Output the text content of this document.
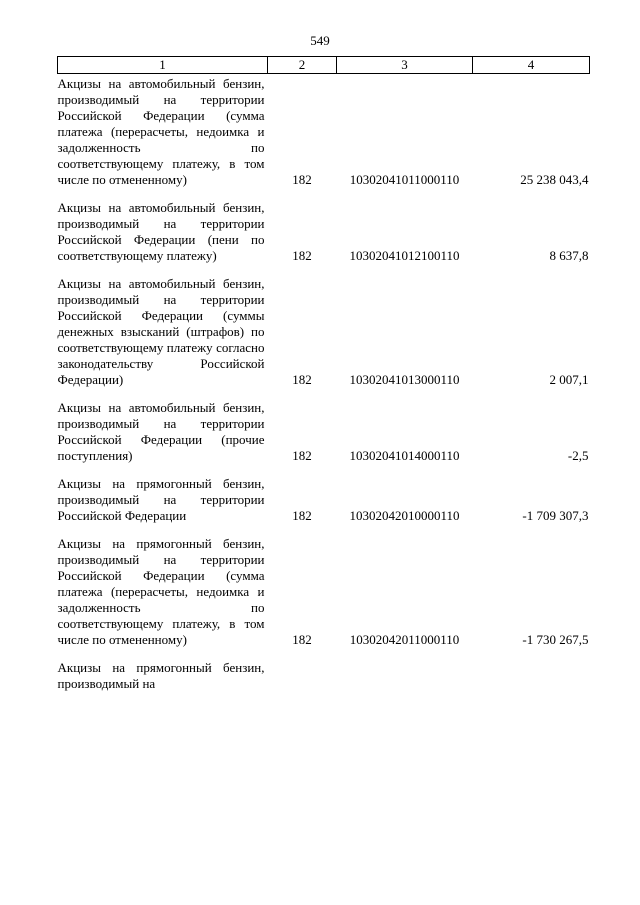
549
1	2	3	4

Акцизы на автомобильный бензин, производимый на территории Российской Федерации (сумма платежа (перерасчеты, недоимка и задолженность по соответствующему платежу, в том числе по отмененному)	182	10302041011000110	25 238 043,4

Акцизы на автомобильный бензин, производимый на территории Российской Федерации (пени по соответствующему платежу)	182	10302041012100110	8 637,8

Акцизы на автомобильный бензин, производимый на территории Российской Федерации (суммы денежных взысканий (штрафов) по соответствующему платежу согласно законодательству Российской Федерации)	182	10302041013000110	2 007,1

Акцизы на автомобильный бензин, производимый на территории Российской Федерации (прочие поступления)	182	10302041014000110	-2,5

Акцизы на прямогонный бензин, производимый на территории Российской Федерации	182	10302042010000110	-1 709 307,3

Акцизы на прямогонный бензин, производимый на территории Российской Федерации (сумма платежа (перерасчеты, недоимка и задолженность по соответствующему платежу, в том числе по отмененному)	182	10302042011000110	-1 730 267,5

Акцизы на прямогонный бензин, производимый на			
